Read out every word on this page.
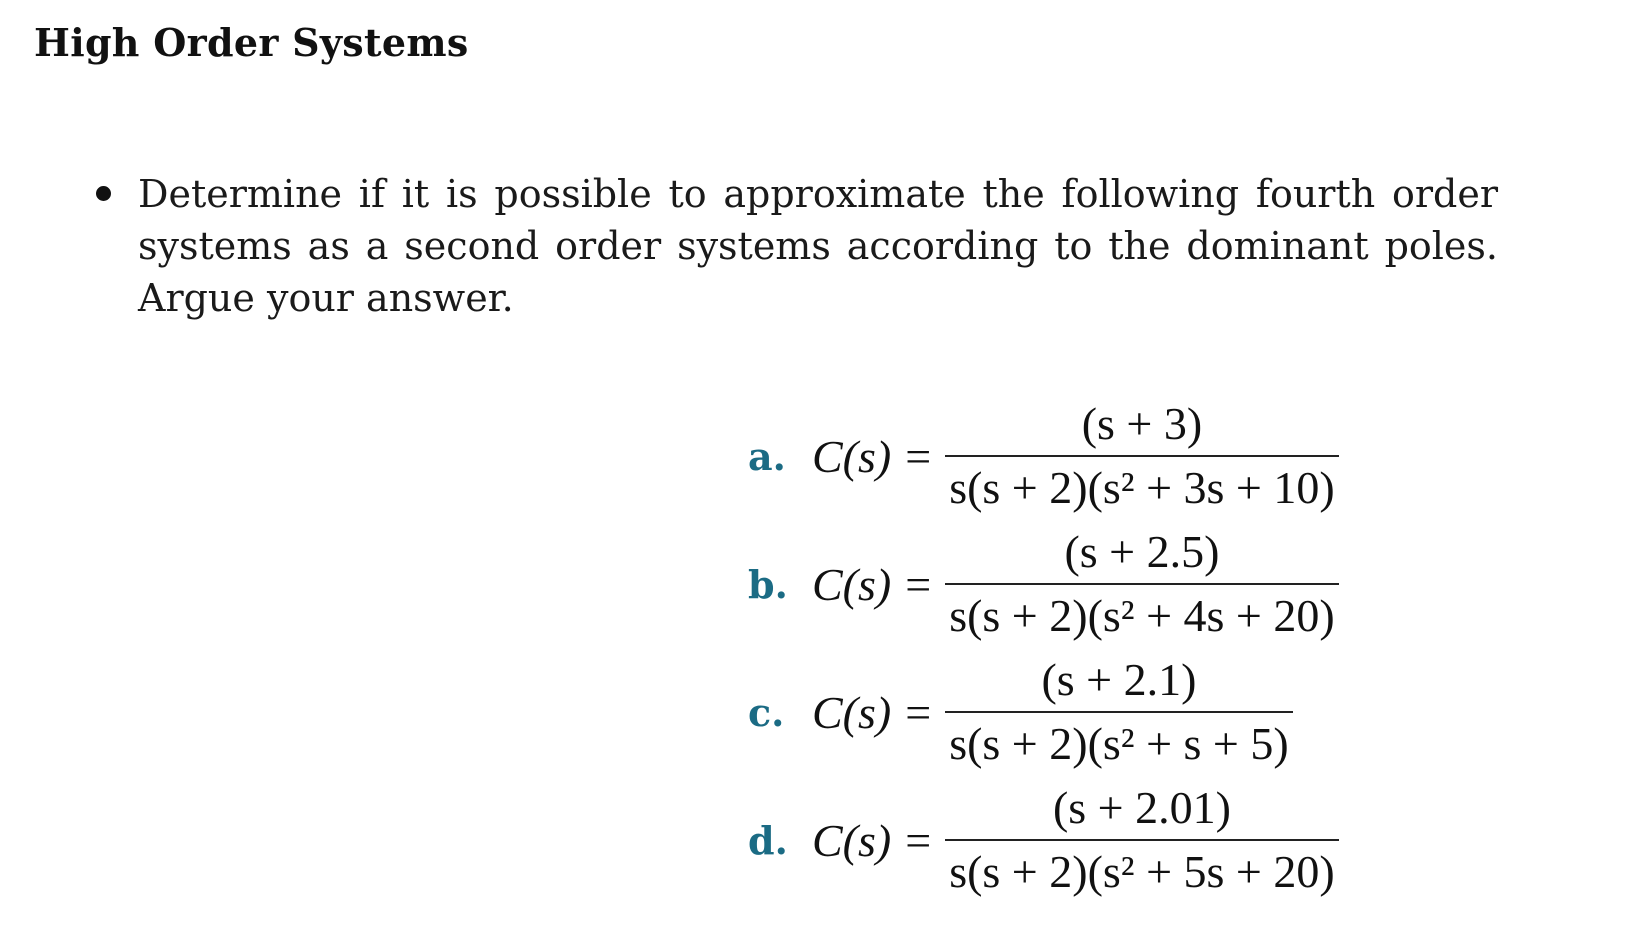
High Order Systems
Determine if it is possible to approximate the following fourth order systems as a second order systems according to the dominant poles. Argue your answer.
a. $C(s) = \frac{(s + 3)}{\text{s(s + 2)(s² + 3s + 10)}}$
b. $C(s) = \frac{(s + 2.5)}{\text{s(s + 2)(s² + 4s + 20)}}$
c. $C(s) = \frac{(s + 2.1)}{\text{s(s + 2)(s² + s + 5)}}$
d. $C(s) = \frac{(s + 2.01)}{\text{s(s + 2)(s² + 5s + 20)}}$
